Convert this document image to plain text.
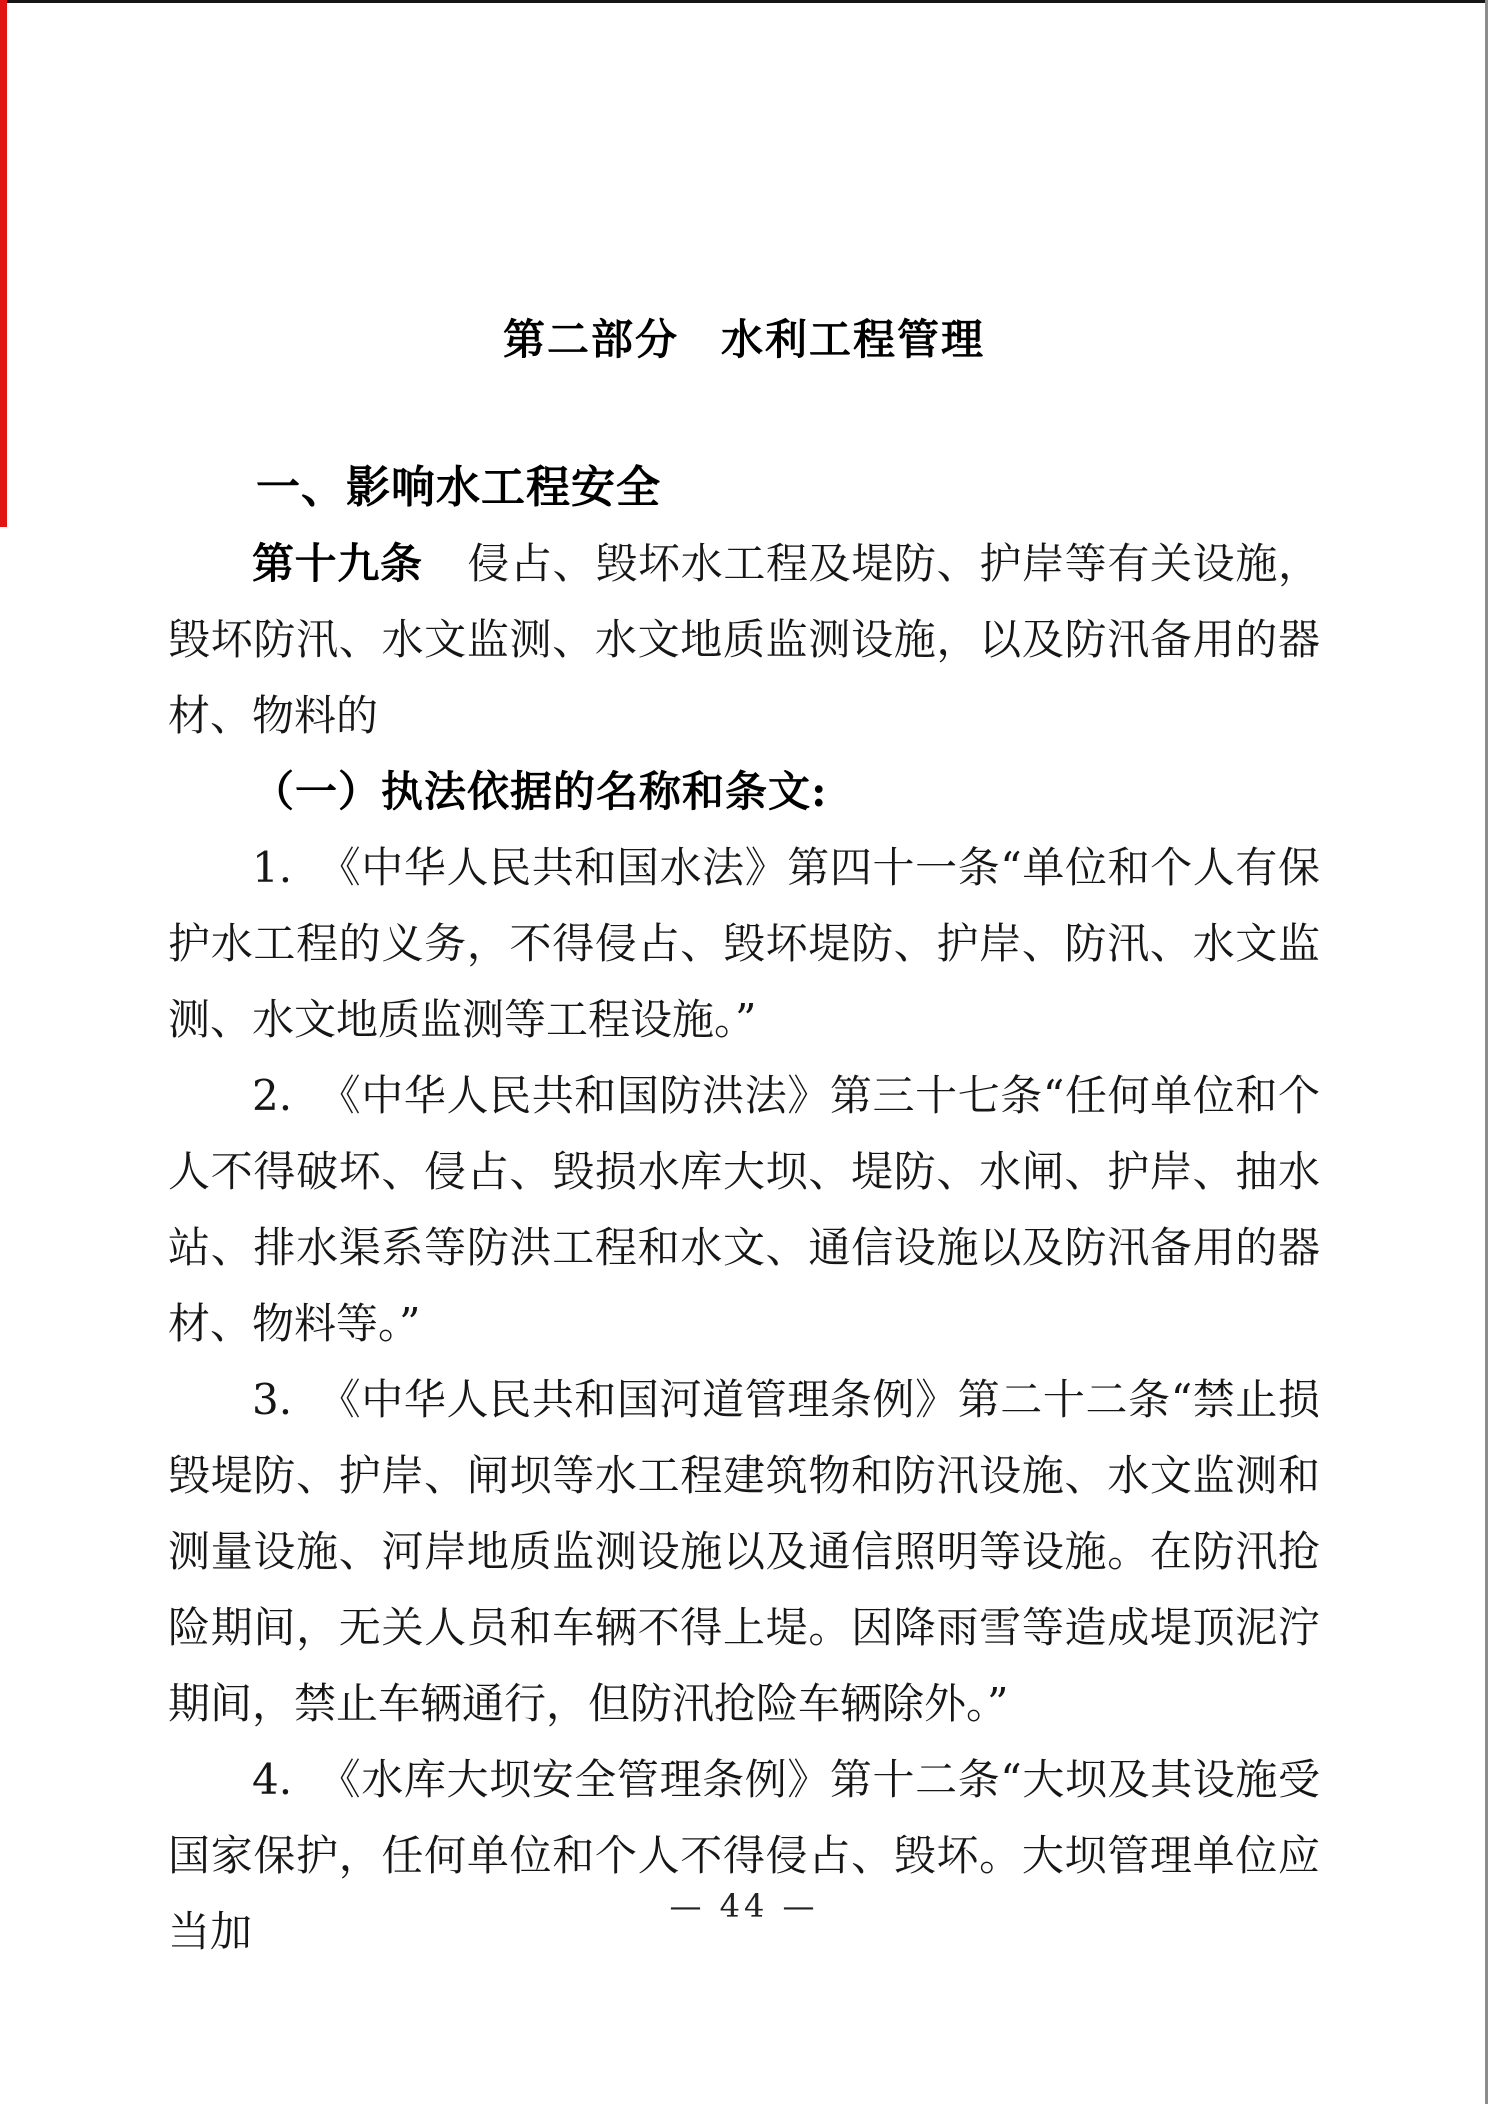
第二部分 水利工程管理
一、影响水工程安全

第十九条 侵占、毁坏水工程及堤防、护岸等有关设施，毁坏防汛、水文监测、水文地质监测设施，以及防汛备用的器材、物料的

（一）执法依据的名称和条文:

1. 《中华人民共和国水法》第四十一条“单位和个人有保护水工程的义务，不得侵占、毁坏堤防、护岸、防汛、水文监测、水文地质监测等工程设施。”

2. 《中华人民共和国防洪法》第三十七条“任何单位和个人不得破坏、侵占、毁损水库大坝、堤防、水闸、护岸、抽水站、排水渠系等防洪工程和水文、通信设施以及防汛备用的器材、物料等。”

3. 《中华人民共和国河道管理条例》第二十二条“禁止损毁堤防、护岸、闸坝等水工程建筑物和防汛设施、水文监测和测量设施、河岸地质监测设施以及通信照明等设施。在防汛抢险期间，无关人员和车辆不得上堤。因降雨雪等造成堤顶泥泞期间，禁止车辆通行，但防汛抢险车辆除外。”

4. 《水库大坝安全管理条例》第十二条“大坝及其设施受国家保护，任何单位和个人不得侵占、毁坏。大坝管理单位应当加

— 44 —
